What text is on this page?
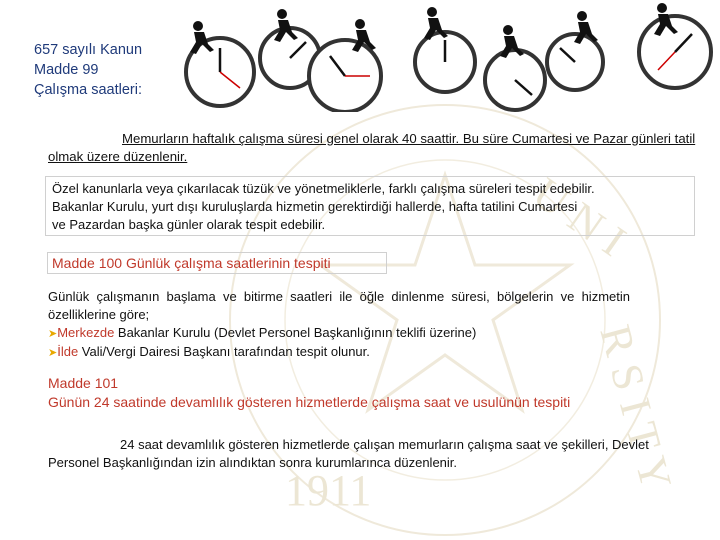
U N I
R S I T Y
1911
657 sayılı Kanun
Madde 99
Çalışma saatleri:
Memurların haftalık çalışma süresi genel olarak 40 saattir. Bu süre Cumartesi ve Pazar günleri tatil olmak üzere düzenlenir.
Özel kanunlarla veya çıkarılacak tüzük ve yönetmeliklerle, farklı çalışma süreleri tespit edebilir.
Bakanlar Kurulu, yurt dışı kuruluşlarda hizmetin gerektirdiği hallerde, hafta tatilini Cumartesi
ve Pazardan başka günler olarak tespit edebilir.
Madde 100 Günlük çalışma saatlerinin tespiti
Günlük çalışmanın başlama ve bitirme saatleri ile öğle dinlenme süresi, bölgelerin ve hizmetin özelliklerine göre;
➤Merkezde Bakanlar Kurulu (Devlet Personel Başkanlığının teklifi üzerine)
➤İlde Vali/Vergi Dairesi Başkanı tarafından tespit olunur.
Madde 101
Günün 24 saatinde devamlılık gösteren hizmetlerde çalışma saat ve usulünün tespiti
24 saat devamlılık gösteren hizmetlerde çalışan memurların çalışma saat ve şekilleri, Devlet Personel Başkanlığından izin alındıktan sonra kurumlarınca düzenlenir.
